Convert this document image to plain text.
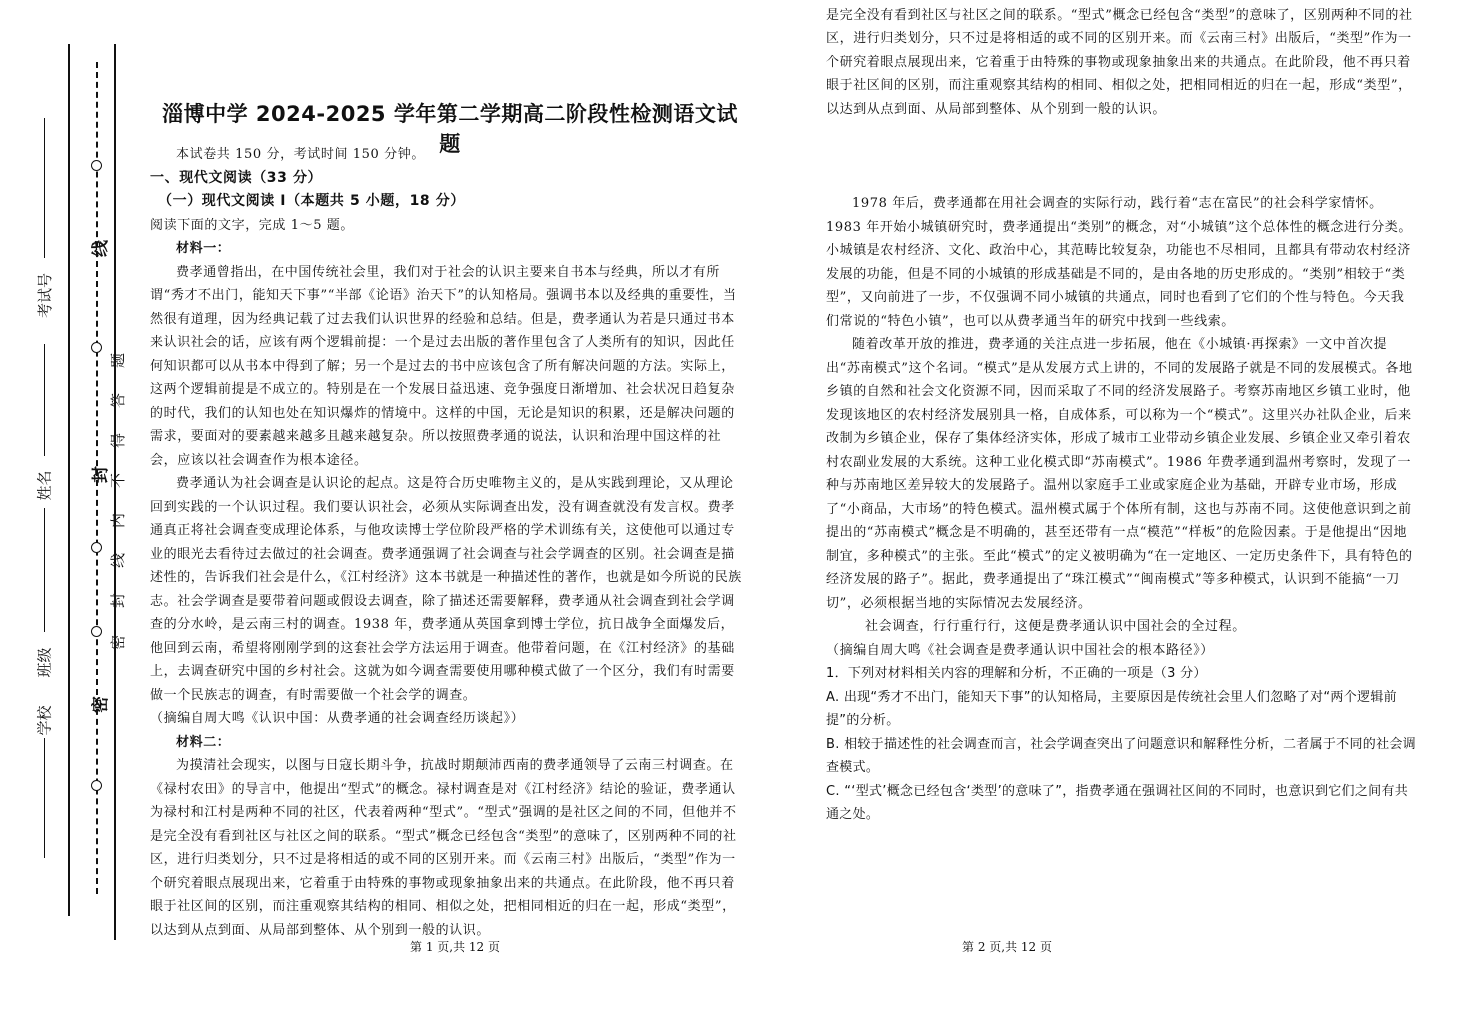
考试号
姓名
班级
学校
线
题
答
得
封
不
内
线
封
密
密
淄博中学 2024-2025 学年第二学期高二阶段性检测语文试题

本试卷共 150 分，考试时间 150 分钟。

一、现代文阅读（33 分）

（一）现代文阅读 I（本题共 5 小题，18 分）

阅读下面的文字，完成 1～5 题。

材料一：

费孝通曾指出，在中国传统社会里，我们对于社会的认识主要来自书本与经典，所以才有所谓“秀才不出门，能知天下事”“半部《论语》治天下”的认知格局。强调书本以及经典的重要性，当然很有道理，因为经典记载了过去我们认识世界的经验和总结。但是，费孝通认为若是只通过书本来认识社会的话，应该有两个逻辑前提：一个是过去出版的著作里包含了人类所有的知识，因此任何知识都可以从书本中得到了解；另一个是过去的书中应该包含了所有解决问题的方法。实际上，这两个逻辑前提是不成立的。特别是在一个发展日益迅速、竞争强度日渐增加、社会状况日趋复杂的时代，我们的认知也处在知识爆炸的情境中。这样的中国，无论是知识的积累，还是解决问题的需求，要面对的要素越来越多且越来越复杂。所以按照费孝通的说法，认识和治理中国这样的社会，应该以社会调查作为根本途径。

费孝通认为社会调查是认识论的起点。这是符合历史唯物主义的，是从实践到理论，又从理论回到实践的一个认识过程。我们要认识社会，必须从实际调查出发，没有调查就没有发言权。费孝通真正将社会调查变成理论体系，与他攻读博士学位阶段严格的学术训练有关，这使他可以通过专业的眼光去看待过去做过的社会调查。费孝通强调了社会调查与社会学调查的区别。社会调查是描述性的，告诉我们社会是什么，《江村经济》这本书就是一种描述性的著作，也就是如今所说的民族志。社会学调查是要带着问题或假设去调查，除了描述还需要解释，费孝通从社会调查到社会学调查的分水岭，是云南三村的调查。1938 年，费孝通从英国拿到博士学位，抗日战争全面爆发后，他回到云南，希望将刚刚学到的这套社会学方法运用于调查。他带着问题，在《江村经济》的基础上，去调查研究中国的乡村社会。这就为如今调查需要使用哪种模式做了一个区分，我们有时需要做一个民族志的调查，有时需要做一个社会学的调查。

（摘编自周大鸣《认识中国：从费孝通的社会调查经历谈起》）

材料二：

为摸清社会现实，以图与日寇长期斗争，抗战时期颠沛西南的费孝通领导了云南三村调查。在《禄村农田》的导言中，他提出“型式”的概念。禄村调查是对《江村经济》结论的验证，费孝通认为禄村和江村是两种不同的社区，代表着两种“型式”。“型式”强调的是社区之间的不同，但他并不是完全没有看到社区与社区之间的联系。“型式”概念已经包含“类型”的意味了，区别两种不同的社区，进行归类划分，只不过是将相适的或不同的区别开来。而《云南三村》出版后，“类型”作为一个研究着眼点展现出来，它着重于由特殊的事物或现象抽象出来的共通点。在此阶段，他不再只着眼于社区间的区别，而注重观察其结构的相同、相似之处，把相同相近的归在一起，形成“类型”，以达到从点到面、从局部到整体、从个别到一般的认识。

第 1 页,共 12 页

是完全没有看到社区与社区之间的联系。“型式”概念已经包含“类型”的意味了，区别两种不同的社区，进行归类划分，只不过是将相适的或不同的区别开来。而《云南三村》出版后，“类型”作为一个研究着眼点展现出来，它着重于由特殊的事物或现象抽象出来的共通点。在此阶段，他不再只着眼于社区间的区别，而注重观察其结构的相同、相似之处，把相同相近的归在一起，形成“类型”，以达到从点到面、从局部到整体、从个别到一般的认识。

1978 年后，费孝通都在用社会调查的实际行动，践行着“志在富民”的社会科学家情怀。1983 年开始小城镇研究时，费孝通提出“类别”的概念，对“小城镇”这个总体性的概念进行分类。小城镇是农村经济、文化、政治中心，其范畴比较复杂，功能也不尽相同，且都具有带动农村经济发展的功能，但是不同的小城镇的形成基础是不同的，是由各地的历史形成的。“类别”相较于“类型”，又向前进了一步，不仅强调不同小城镇的共通点，同时也看到了它们的个性与特色。今天我们常说的“特色小镇”，也可以从费孝通当年的研究中找到一些线索。

随着改革开放的推进，费孝通的关注点进一步拓展，他在《小城镇·再探索》一文中首次提出“苏南模式”这个名词。“模式”是从发展方式上讲的，不同的发展路子就是不同的发展模式。各地乡镇的自然和社会文化资源不同，因而采取了不同的经济发展路子。考察苏南地区乡镇工业时，他发现该地区的农村经济发展别具一格，自成体系，可以称为一个“模式”。这里兴办社队企业，后来改制为乡镇企业，保存了集体经济实体，形成了城市工业带动乡镇企业发展、乡镇企业又牵引着农村农副业发展的大系统。这种工业化模式即“苏南模式”。1986 年费孝通到温州考察时，发现了一种与苏南地区差异较大的发展路子。温州以家庭手工业或家庭企业为基础，开辟专业市场，形成了“小商品，大市场”的特色模式。温州模式属于个体所有制，这也与苏南不同。这使他意识到之前提出的“苏南模式”概念是不明确的，甚至还带有一点“模范”“样板”的危险因素。于是他提出“因地制宜，多种模式”的主张。至此“模式”的定义被明确为“在一定地区、一定历史条件下，具有特色的经济发展的路子”。据此，费孝通提出了“珠江模式”“闽南模式”等多种模式，认识到不能搞“一刀切”，必须根据当地的实际情况去发展经济。

社会调查，行行重行行，这便是费孝通认识中国社会的全过程。

（摘编自周大鸣《社会调查是费孝通认识中国社会的根本路径》）

1．下列对材料相关内容的理解和分析，不正确的一项是（3 分）

A. 出现“秀才不出门，能知天下事”的认知格局，主要原因是传统社会里人们忽略了对“两个逻辑前提”的分析。

B. 相较于描述性的社会调查而言，社会学调查突出了问题意识和解释性分析，二者属于不同的社会调查模式。

C. “‘型式’概念已经包含‘类型’的意味了”，指费孝通在强调社区间的不同时，也意识到它们之间有共通之处。

第 2 页,共 12 页
